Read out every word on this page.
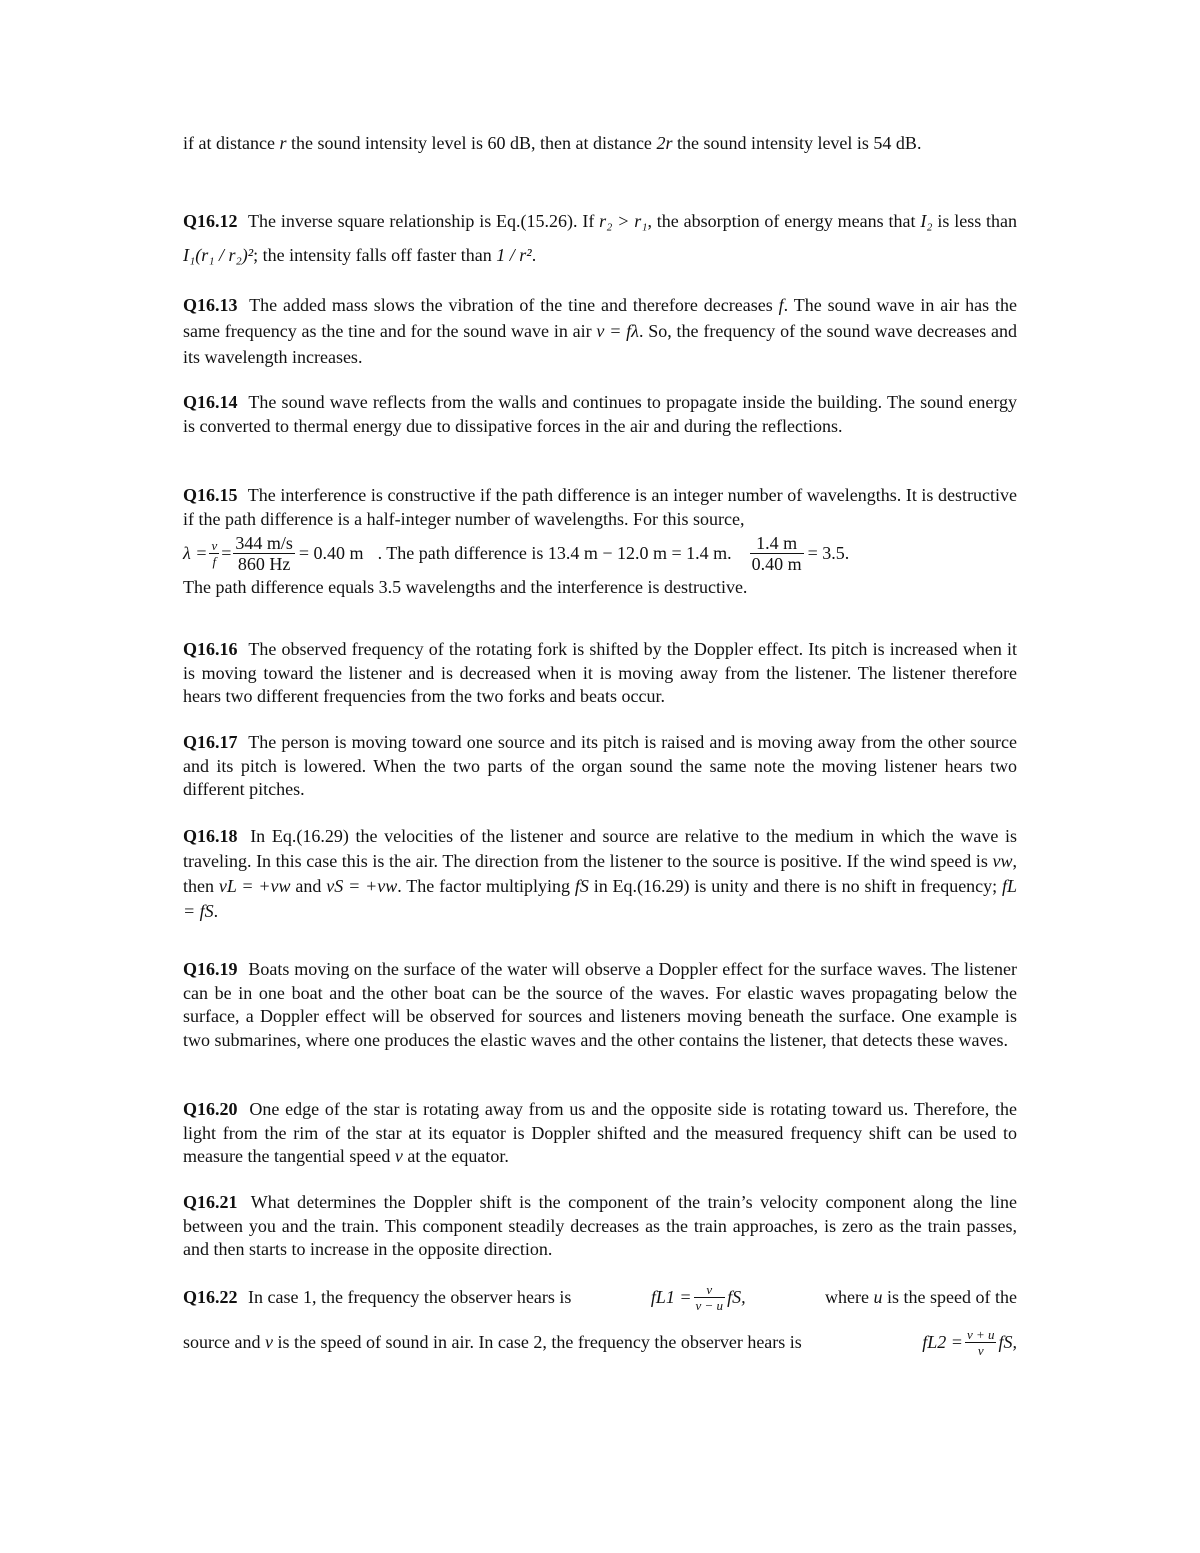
if at distance r the sound intensity level is 60 dB, then at distance 2r the sound intensity level is 54 dB.

Q16.12 The inverse square relationship is Eq.(15.26). If r₂ > r₁, the absorption of energy means that I₂ is less than I₁(r₁ / r₂)²; the intensity falls off faster than 1 / r².

Q16.13 The added mass slows the vibration of the tine and therefore decreases f. The sound wave in air has the same frequency as the tine and for the sound wave in air v = fλ. So, the frequency of the sound wave decreases and its wavelength increases.

Q16.14 The sound wave reflects from the walls and continues to propagate inside the building. The sound energy is converted to thermal energy due to dissipative forces in the air and during the reflections.

Q16.15 The interference is constructive if the path difference is an integer number of wavelengths. It is destructive if the path difference is a half-integer number of wavelengths. For this source,

$\lambda = \frac{v}{f} = \frac{344 m/s}{860 Hz} = 0.40$ m . The path difference is 13.4 m − 12.0 m = 1.4 m. $\frac{1.4 m}{0.40 m} = 3.5$.

The path difference equals 3.5 wavelengths and the interference is destructive.

Q16.16 The observed frequency of the rotating fork is shifted by the Doppler effect. Its pitch is increased when it is moving toward the listener and is decreased when it is moving away from the listener. The listener therefore hears two different frequencies from the two forks and beats occur.

Q16.17 The person is moving toward one source and its pitch is raised and is moving away from the other source and its pitch is lowered. When the two parts of the organ sound the same note the moving listener hears two different pitches.

Q16.18 In Eq.(16.29) the velocities of the listener and source are relative to the medium in which the wave is traveling. In this case this is the air. The direction from the listener to the source is positive. If the wind speed is vw, then vL = +vw and vS = +vw. The factor multiplying fS in Eq.(16.29) is unity and there is no shift in frequency; fL = fS.

Q16.19 Boats moving on the surface of the water will observe a Doppler effect for the surface waves. The listener can be in one boat and the other boat can be the source of the waves. For elastic waves propagating below the surface, a Doppler effect will be observed for sources and listeners moving beneath the surface. One example is two submarines, where one produces the elastic waves and the other contains the listener, that detects these waves.

Q16.20 One edge of the star is rotating away from us and the opposite side is rotating toward us. Therefore, the light from the rim of the star at its equator is Doppler shifted and the measured frequency shift can be used to measure the tangential speed v at the equator.

Q16.21 What determines the Doppler shift is the component of the train’s velocity component along the line between you and the train. This component steadily decreases as the train approaches, is zero as the train passes, and then starts to increase in the opposite direction.

Q16.22 In case 1, the frequency the observer hears is	$fL1 = \frac{v}{v - u}$ fS,	where u is the speed of the
source and v is the speed of sound in air. In case 2, the frequency the observer hears is	$fL2 = \frac{v + u}{v}$ fS,
